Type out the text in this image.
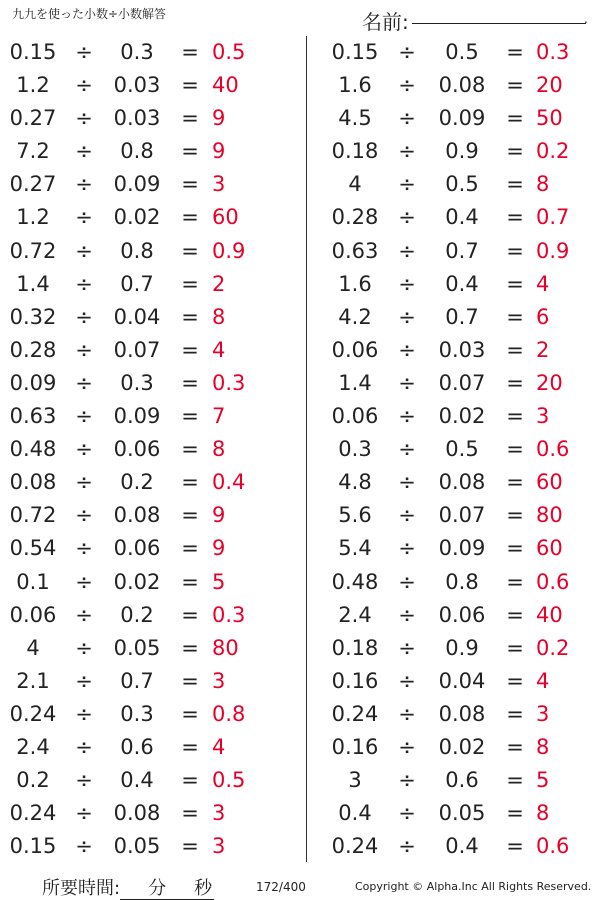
九九を使った小数÷小数解答	名前:	.
0.15 ÷	0.3	= 0.5
1.2	÷ 0.03 = 40
0.27 ÷ 0.03 = 9
7.2	÷	0.8	= 9
0.27 ÷ 0.09 = 3
1.2	÷ 0.02 = 60
0.72 ÷	0.8	= 0.9
1.4	÷	0.7	= 2
0.32 ÷ 0.04 = 8
0.28 ÷ 0.07 = 4
0.09 ÷	0.3	= 0.3
0.63 ÷ 0.09 = 7
0.48 ÷ 0.06 = 8
0.08 ÷	0.2	= 0.4
0.72 ÷ 0.08 = 9
0.54 ÷ 0.06 = 9
0.1	÷ 0.02 = 5
0.06 ÷	0.2	= 0.3
4	÷ 0.05 = 80
2.1	÷	0.7	= 3
0.24 ÷	0.3	= 0.8
2.4	÷	0.6	= 4
0.2	÷	0.4	= 0.5
0.24 ÷ 0.08 = 3
0.15 ÷ 0.05 = 3
0.15 ÷	0.5	= 0.3
1.6	÷	0.08 = 20
4.5	÷	0.09 = 50
0.18 ÷	0.9	= 0.2
4	÷	0.5	= 8
0.28 ÷	0.4	= 0.7
0.63 ÷	0.7	= 0.9
1.6	÷	0.4	= 4
4.2	÷	0.7	= 6
0.06 ÷	0.03 = 2
1.4	÷	0.07 = 20
0.06 ÷	0.02 = 3
0.3	÷	0.5	= 0.6
4.8	÷	0.08 = 60
5.6	÷	0.07 = 80
5.4	÷	0.09 = 60
0.48 ÷	0.8	= 0.6
2.4	÷	0.06 = 40
0.18 ÷	0.9	= 0.2
0.16 ÷	0.04 = 4
0.24 ÷	0.08 = 3
0.16 ÷	0.02 = 8
3	÷	0.6	= 5
0.4	÷	0.05 = 8
0.24 ÷	0.4	= 0.6
所要時間: 分 秒	172/400	Copyright © Alpha.Inc All Rights Reserved.
